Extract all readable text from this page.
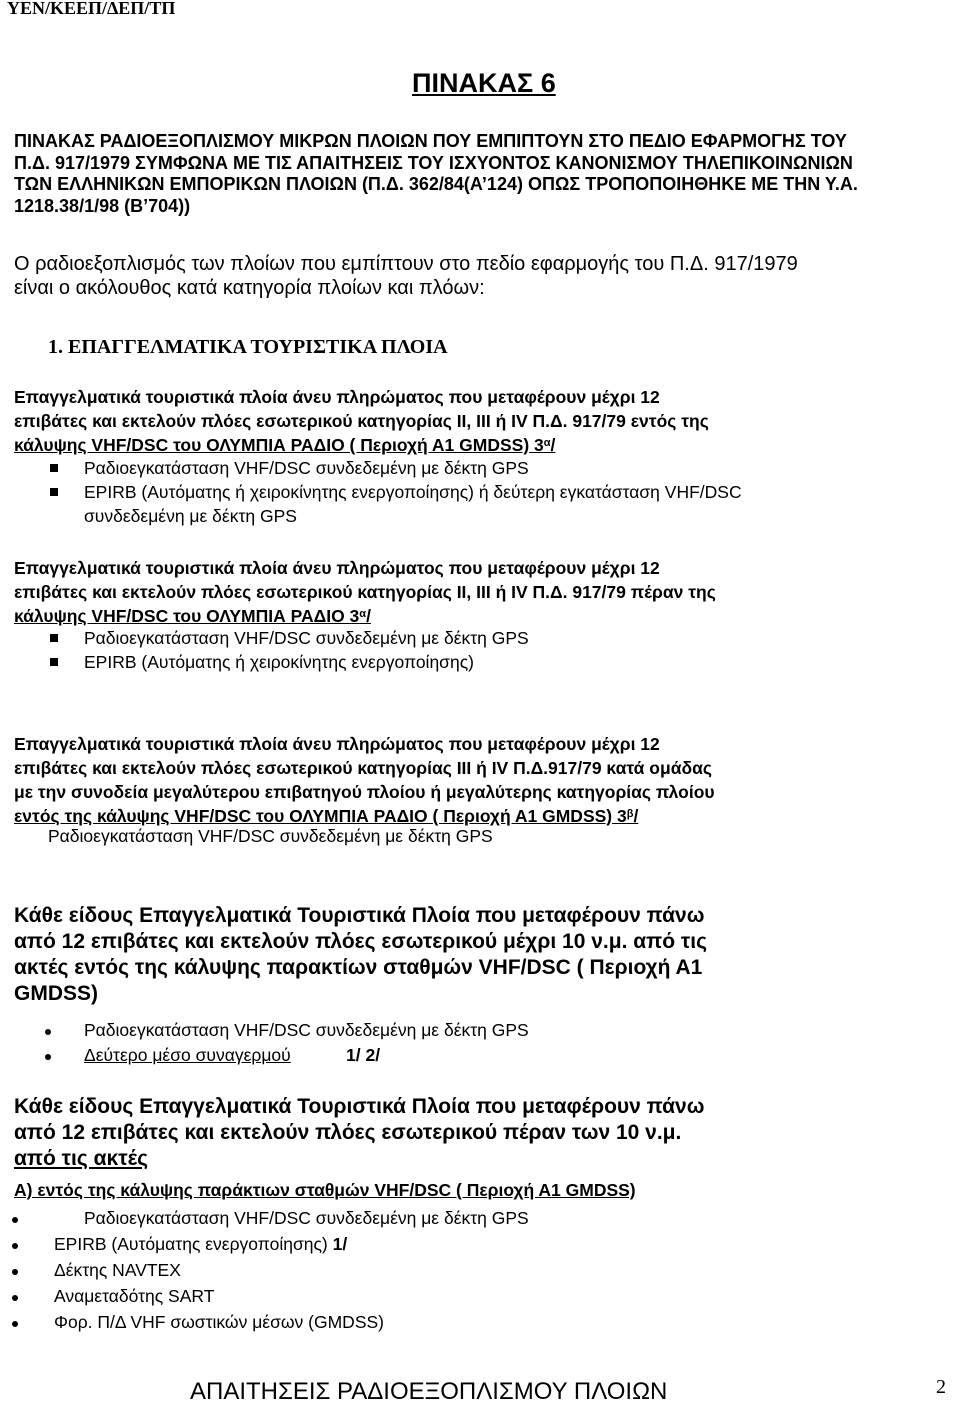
ΥΕΝ/ΚΕΕΠ/ΔΕΠ/ΤΠ
ΠΙΝΑΚΑΣ 6
ΠΙΝΑΚΑΣ ΡΑΔΙΟΕΞΟΠΛΙΣΜΟΥ ΜΙΚΡΩΝ ΠΛΟΙΩΝ ΠΟΥ ΕΜΠΙΠΤΟΥΝ ΣΤΟ ΠΕΔΙΟ ΕΦΑΡΜΟΓΗΣ ΤΟΥ
Π.Δ. 917/1979 ΣΥΜΦΩΝΑ ΜΕ ΤΙΣ ΑΠΑΙΤΗΣΕΙΣ ΤΟΥ ΙΣΧΥΟΝΤΟΣ ΚΑΝΟΝΙΣΜΟΥ ΤΗΛΕΠΙΚΟΙΝΩΝΙΩΝ
ΤΩΝ ΕΛΛΗΝΙΚΩΝ ΕΜΠΟΡΙΚΩΝ ΠΛΟΙΩΝ (Π.Δ. 362/84(Α’124) ΟΠΩΣ ΤΡΟΠΟΠΟΙΗΘΗΚΕ ΜΕ ΤΗΝ Υ.Α.
1218.38/1/98 (Β’704))
Ο ραδιοεξοπλισμός των πλοίων που εμπίπτουν στο πεδίο εφαρμογής του Π.Δ. 917/1979
είναι ο ακόλουθος κατά κατηγορία πλοίων και πλόων:
1. ΕΠΑΓΓΕΛΜΑΤΙΚΑ ΤΟΥΡΙΣΤΙΚΑ ΠΛΟΙΑ
Επαγγελματικά τουριστικά πλοία άνευ πληρώματος που μεταφέρουν μέχρι 12
επιβάτες και εκτελούν πλόες εσωτερικού κατηγορίας ΙΙ, ΙΙΙ ή ΙV Π.Δ. 917/79 εντός της
κάλυψης VHF/DSC του ΟΛΥΜΠΙΑ ΡΑΔΙΟ ( Περιοχή Α1 GMDSS) $3^\alpha/$
Ραδιοεγκατάσταση VHF/DSC συνδεδεμένη με δέκτη GPS
EPIRB (Αυτόματης ή χειροκίνητης ενεργοποίησης) ή δεύτερη εγκατάσταση VHF/DSC
συνδεδεμένη με δέκτη GPS
Επαγγελματικά τουριστικά πλοία άνευ πληρώματος που μεταφέρουν μέχρι 12
επιβάτες και εκτελούν πλόες εσωτερικού κατηγορίας ΙΙ, ΙΙΙ ή ΙV Π.Δ. 917/79 πέραν της
κάλυψης VHF/DSC του ΟΛΥΜΠΙΑ ΡΑΔΙΟ $3^\alpha/$
Ραδιοεγκατάσταση VHF/DSC συνδεδεμένη με δέκτη GPS
EPIRB (Αυτόματης ή χειροκίνητης ενεργοποίησης)
Επαγγελματικά τουριστικά πλοία άνευ πληρώματος που μεταφέρουν μέχρι 12
επιβάτες και εκτελούν πλόες εσωτερικού κατηγορίας ΙΙΙ ή ΙV Π.Δ.917/79 κατά ομάδας
με την συνοδεία μεγαλύτερου επιβατηγού πλοίου ή μεγαλύτερης κατηγορίας πλοίου
εντός της κάλυψης VHF/DSC του ΟΛΥΜΠΙΑ ΡΑΔΙΟ ( Περιοχή Α1 GMDSS) $3^\beta/$
Ραδιοεγκατάσταση VHF/DSC συνδεδεμένη με δέκτη GPS
Κάθε είδους Επαγγελματικά Τουριστικά Πλοία που μεταφέρουν πάνω
από 12 επιβάτες και εκτελούν πλόες εσωτερικού μέχρι 10 ν.μ. από τις
ακτές εντός της κάλυψης παρακτίων σταθμών VHF/DSC ( Περιοχή Α1
GMDSS)
Ραδιοεγκατάσταση VHF/DSC συνδεδεμένη με δέκτη GPS
Δεύτερο μέσο συναγερμού	1/ 2/
Κάθε είδους Επαγγελματικά Τουριστικά Πλοία που μεταφέρουν πάνω
από 12 επιβάτες και εκτελούν πλόες εσωτερικού πέραν των 10 ν.μ.
από τις ακτές
Α) εντός της κάλυψης παράκτιων σταθμών VHF/DSC ( Περιοχή Α1 GMDSS)
Ραδιοεγκατάσταση VHF/DSC συνδεδεμένη με δέκτη GPS
EPIRB (Αυτόματης ενεργοποίησης) 1/
Δέκτης NAVTEX
Αναμεταδότης SART
Φορ. Π/Δ VHF σωστικών μέσων (GMDSS)
ΑΠΑΙΤΗΣΕΙΣ ΡΑΔΙΟΕΞΟΠΛΙΣΜΟΥ ΠΛΟΙΩΝ	2
